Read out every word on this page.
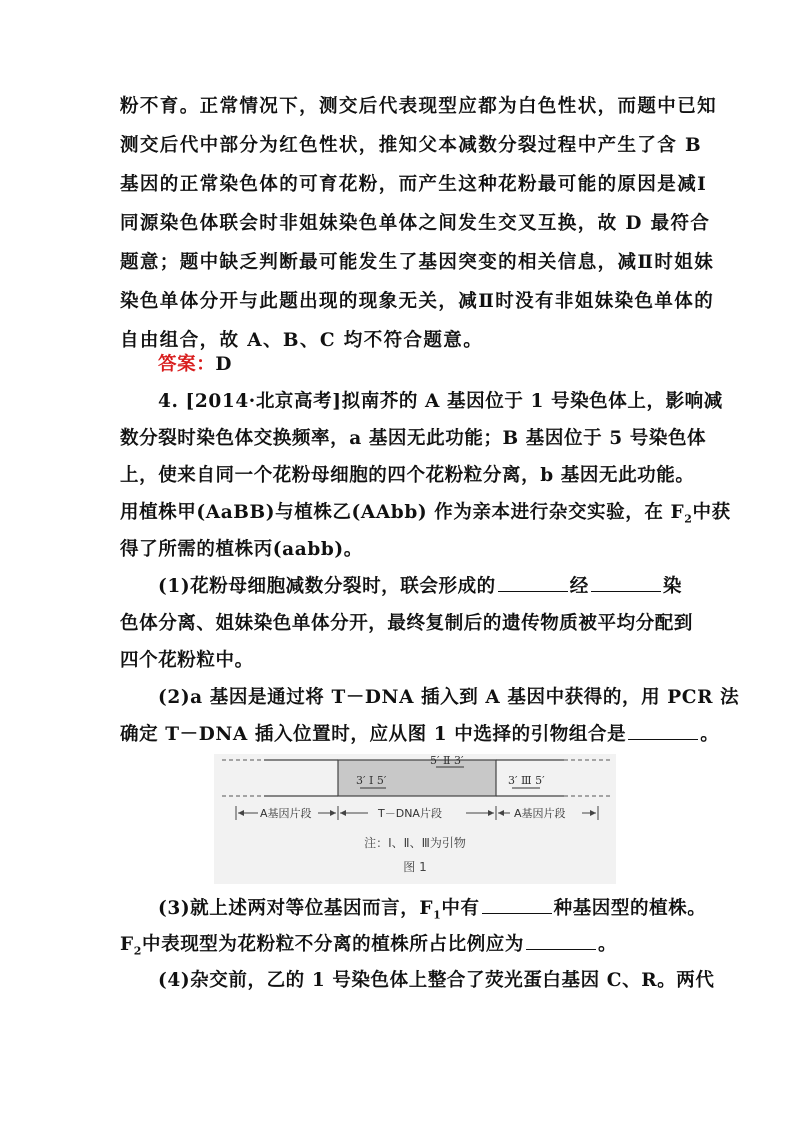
粉不育。正常情况下，测交后代表现型应都为白色性状，而题中已知
测交后代中部分为红色性状，推知父本减数分裂过程中产生了含 B
基因的正常染色体的可育花粉，而产生这种花粉最可能的原因是减Ⅰ
同源染色体联会时非姐妹染色单体之间发生交叉互换，故 D 最符合
题意；题中缺乏判断最可能发生了基因突变的相关信息，减Ⅱ时姐妹
染色单体分开与此题出现的现象无关，减Ⅱ时没有非姐妹染色单体的
自由组合，故 A、B、C 均不符合题意。
答案：D
4. [2014·北京高考]拟南芥的 A 基因位于 1 号染色体上，影响减
数分裂时染色体交换频率，a 基因无此功能；B 基因位于 5 号染色体
上，使来自同一个花粉母细胞的四个花粉粒分离，b 基因无此功能。
用植株甲(AaBB)与植株乙(AAbb) 作为亲本进行杂交实验，在 $F_2$中获
得了所需的植株丙(aabb)。
(1)花粉母细胞减数分裂时，联会形成的	经	染
色体分离、姐妹染色单体分开，最终复制后的遗传物质被平均分配到
四个花粉粒中。
(2)a 基因是通过将 T－DNA 插入到 A 基因中获得的，用 PCR 法
确定 T－DNA 插入位置时，应从图 1 中选择的引物组合是	。
3′ Ⅰ 5′
5′ Ⅱ 3′
3′ Ⅲ 5′
A基因片段	T－DNA片段	A基因片段
注：Ⅰ、Ⅱ、Ⅲ为引物
图 1
(3)就上述两对等位基因而言，$F_1$中有	种基因型的植株。
$F_2$中表现型为花粉粒不分离的植株所占比例应为	。
(4)杂交前，乙的 1 号染色体上整合了荧光蛋白基因 C、R。两代
